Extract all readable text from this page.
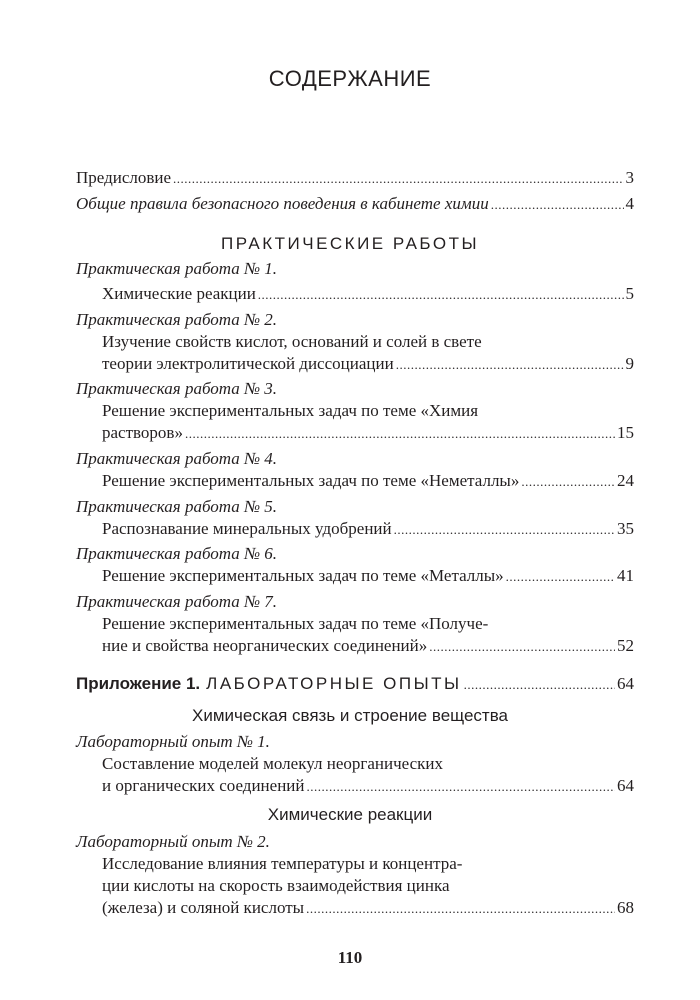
СОДЕРЖАНИЕ
Предисловие .....	3
Общие правила безопасного поведения в кабинете химии .....	4
ПРАКТИЧЕСКИЕ РАБОТЫ
Практическая работа № 1.
Химические реакции .....	5
Практическая работа № 2.
Изучение свойств кислот, оснований и солей в свете
теории электролитической диссоциации .....	9
Практическая работа № 3.
Решение экспериментальных задач по теме «Химия
растворов» .....	15
Практическая работа № 4.
Решение экспериментальных задач по теме «Неметаллы» .....	24
Практическая работа № 5.
Распознавание минеральных удобрений .....	35
Практическая работа № 6.
Решение экспериментальных задач по теме «Металлы» .....	41
Практическая работа № 7.
Решение экспериментальных задач по теме «Получе-
ние и свойства неорганических соединений» .....	52
Приложение 1. ЛАБОРАТОРНЫЕ ОПЫТЫ .....	64
Химическая связь и строение вещества
Лабораторный опыт № 1.
Составление моделей молекул неорганических
и органических соединений .....	64
Химические реакции
Лабораторный опыт № 2.
Исследование влияния температуры и концентра-
ции кислоты на скорость взаимодействия цинка
(железа) и соляной кислоты .....	68
110
